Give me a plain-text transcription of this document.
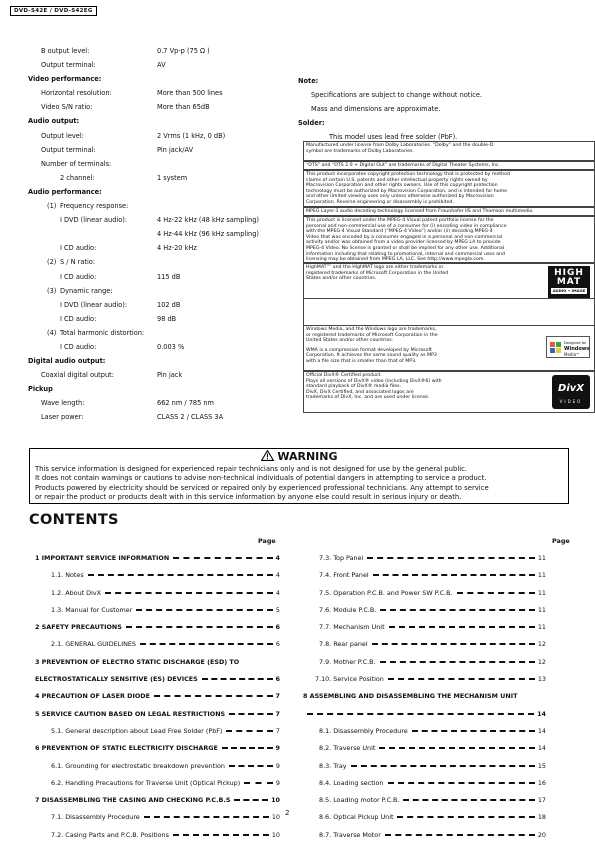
DVD-S42E / DVD-S42EG
B output level:	0.7 Vp-p (75 Ω )
Output terminal:	AV
Video performance:
Horizontal resolution:	More than 500 lines
Video S/N ratio:	More than 65dB
Audio output:
Output level:	2 Vrms (1 kHz, 0 dB)
Output terminal:	Pin jack/AV
Number of terminals:
2 channel:	1 system
Audio performance:
(1) Frequency response:
I DVD (linear audio):	4 Hz-22 kHz (48 kHz sampling)
4 Hz-44 kHz (96 kHz sampling)
I CD audio:	4 Hz-20 kHz
(2) S / N ratio:
I CD audio:	115 dB
(3) Dynamic range:
I DVD (linear audio):	102 dB
I CD audio:	98 dB
(4) Total harmonic distortion:
I CD audio:	0.003 %
Digital audio output:
Coaxial digital output:	Pin jack
Pickup
Wave length:	662 nm / 785 nm
Laser power:	CLASS 2 / CLASS 3A
Note:
Specifications are subject to change without notice.
Mass and dimensions are approximate.
Solder:
This model uses lead free solder (PbF).
Manufactured under license from Dolby Laboratories. “Dolby” and the double-D
symbol are trademarks of Dolby Laboratories.
“DTS” and “DTS 2.0 + Digital Out” are trademarks of Digital Theater Systems, Inc.
This product incorporates copyright protection technology that is protected by method
claims of certain U.S. patents and other intellectual property rights owned by
Macrovision Corporation and other rights owners. Use of this copyright protection
technology must be authorized by Macrovision Corporation, and is intended for home
and other limited viewing uses only unless otherwise authorized by Macrovision
Corporation. Reverse engineering or disassembly is prohibited.
MPEG Layer-3 audio decoding technology licensed from Fraunhofer IIS and Thomson multimedia.
This product is licensed under the MPEG-4 Visual patent portfolio license for the
personal and non-commercial use of a consumer for (i) encoding video in compliance
with the MPEG-4 Visual Standard (“MPEG-4 Video”) and/or (ii) decoding MPEG-4
Video that was encoded by a consumer engaged in a personal and non-commercial
activity and/or was obtained from a video provider licensed by MPEG LA to provide
MPEG-4 Video. No license is granted or shall be implied for any other use. Additional
information including that relating to promotional, internal and commercial uses and
licensing may be obtained from MPEG LA, LLC. See http://www.mpegla.com.
HighMAT™ and the HighMAT logo are either trademarks or
registered trademarks of Microsoft Corporation in the United
States and/or other countries.
HIGH
MAT
AUDIO • IMAGE
Windows Media, and the Windows logo are trademarks,
or registered trademarks of Microsoft Corporation in the
United States and/or other countries.
WMA is a compression format developed by Microsoft
Corporation. It achieves the same sound quality as MP3
with a file size that is smaller than that of MP3.
Designed for
Windows
Media™
Official DivX® Certified product.
Plays all versions of DivX® video (including DivX®6) with
standard playback of DivX® media files.
DivX, DivX Certified, and associated logos are
trademarks of DivX, Inc. and are used under license.
DivX
VIDEO
WARNING
This service information is designed for experienced repair technicians only and is not designed for use by the general public.
It does not contain warnings or cautions to advise non-technical individuals of potential dangers in attempting to service a product.
Products powered by electricity should be serviced or repaired only by experienced professional technicians. Any attempt to service
or repair the product or products dealt with in this service information by anyone else could result in serious injury or death.
CONTENTS
Page	Page
1 IMPORTANT SERVICE INFORMATION	4
1.1. Notes	4
1.2. About DivX	4
1.3. Manual for Customer	5
2 SAFETY PRECAUTIONS	6
2.1. GENERAL GUIDELINES	6
3 PREVENTION OF ELECTRO STATIC DISCHARGE (ESD) TO
ELECTROSTATICALLY SENSITIVE (ES) DEVICES	6
4 PRECAUTION OF LASER DIODE	7
5 SERVICE CAUTION BASED ON LEGAL RESTRICTIONS	7
5.1. General description about Lead Free Solder (PbF)	7
6 PREVENTION OF STATIC ELECTRICITY DISCHARGE	9
6.1. Grounding for electrostatic breakdown prevention	9
6.2. Handling Precautions for Traverse Unit (Optical Pickup)	9
7 DISASSEMBLING THE CASING AND CHECKING P.C.B.S	10
7.1. Disassembly Procedure	10
7.2. Casing Parts and P.C.B. Positions	10
7.3. Top Panel	11
7.4. Front Panel	11
7.5. Operation P.C.B. and Power SW P.C.B.	11
7.6. Module P.C.B.	11
7.7. Mechanism Unit	11
7.8. Rear panel	12
7.9. Mother P.C.B.	12
7.10. Service Position	13
8 ASSEMBLING AND DISASSEMBLING THE MECHANISM UNIT
14
8.1. Disassembly Procedure	14
8.2. Traverse Unit	14
8.3. Tray	15
8.4. Loading section	16
8.5. Loading motor P.C.B.	17
8.6. Optical Pickup Unit	18
8.7. Traverse Motor	20
2
